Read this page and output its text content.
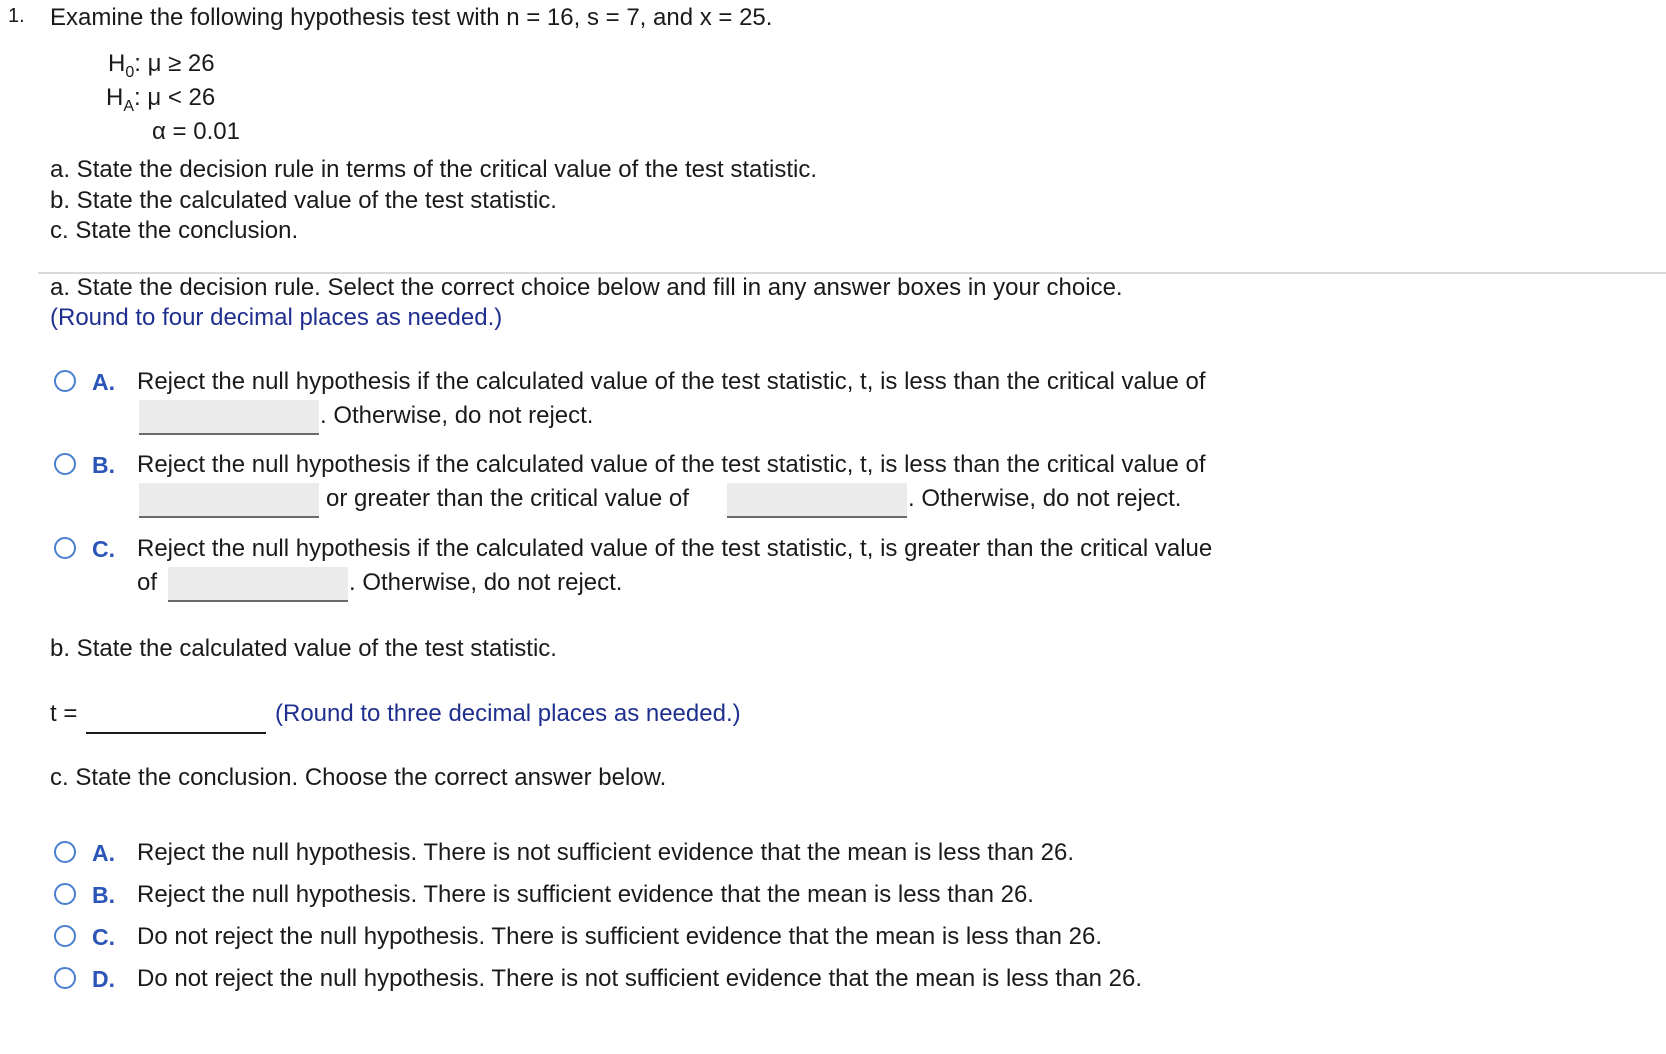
1. Examine the following hypothesis test with n = 16, s = 7, and x = 25.
$H_0$: μ ≥ 26
$H_A$: μ < 26
α = 0.01
a. State the decision rule in terms of the critical value of the test statistic.
b. State the calculated value of the test statistic.
c. State the conclusion.
a. State the decision rule. Select the correct choice below and fill in any answer boxes in your choice.
(Round to four decimal places as needed.)
A. Reject the null hypothesis if the calculated value of the test statistic, t, is less than the critical value of
. Otherwise, do not reject.
B. Reject the null hypothesis if the calculated value of the test statistic, t, is less than the critical value of
or greater than the critical value of	. Otherwise, do not reject.
C. Reject the null hypothesis if the calculated value of the test statistic, t, is greater than the critical value
of	. Otherwise, do not reject.
b. State the calculated value of the test statistic.
t =	(Round to three decimal places as needed.)
c. State the conclusion. Choose the correct answer below.
A. Reject the null hypothesis. There is not sufficient evidence that the mean is less than 26.
B. Reject the null hypothesis. There is sufficient evidence that the mean is less than 26.
C. Do not reject the null hypothesis. There is sufficient evidence that the mean is less than 26.
D. Do not reject the null hypothesis. There is not sufficient evidence that the mean is less than 26.
